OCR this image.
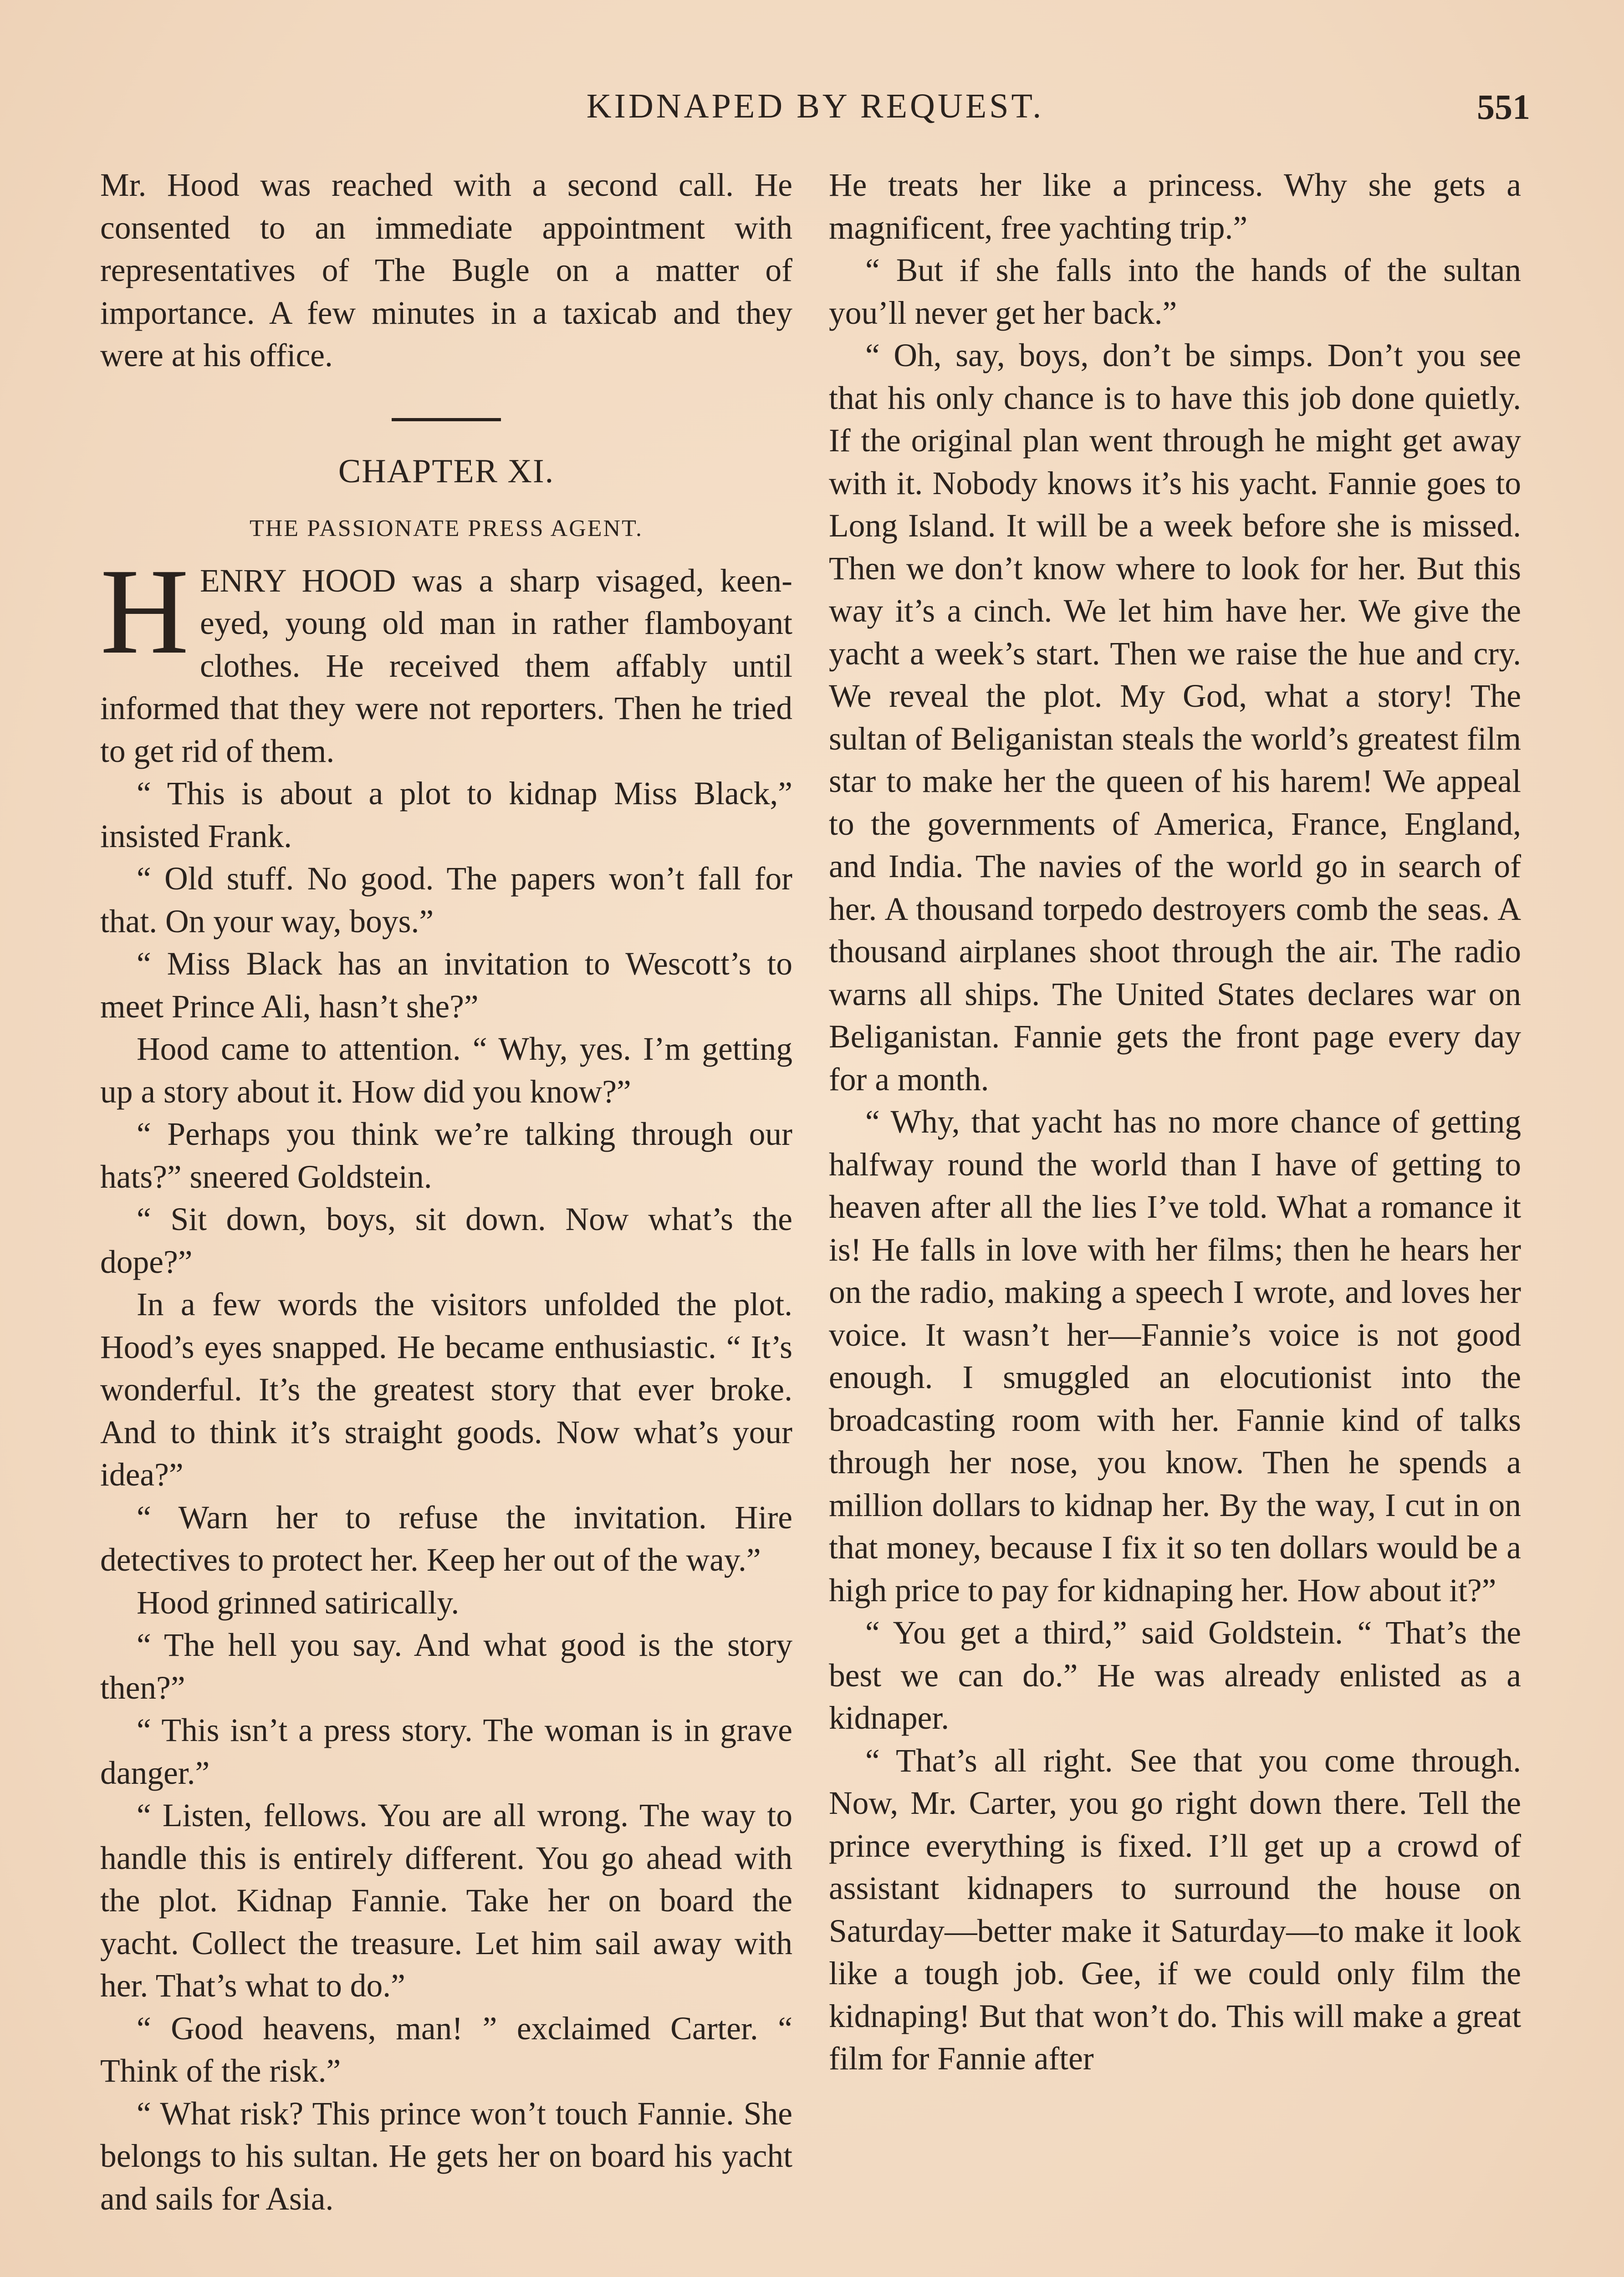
KIDNAPED BY REQUEST.	551

Mr. Hood was reached with a second call. He consented to an immediate appointment with representatives of The Bugle on a matter of importance. A few minutes in a taxicab and they were at his office.

CHAPTER XI.
THE PASSIONATE PRESS AGENT.

HENRY HOOD was a sharp visaged, keen-eyed, young old man in rather flamboyant clothes. He received them affably until informed that they were not reporters. Then he tried to get rid of them.

“ This is about a plot to kidnap Miss Black,” insisted Frank.

“ Old stuff. No good. The papers won’t fall for that. On your way, boys.”

“ Miss Black has an invitation to Wescott’s to meet Prince Ali, hasn’t she?”

Hood came to attention. “ Why, yes. I’m getting up a story about it. How did you know?”

“ Perhaps you think we’re talking through our hats?” sneered Goldstein.

“ Sit down, boys, sit down. Now what’s the dope?”

In a few words the visitors unfolded the plot. Hood’s eyes snapped. He became enthusiastic. “ It’s wonderful. It’s the greatest story that ever broke. And to think it’s straight goods. Now what’s your idea?”

“ Warn her to refuse the invitation. Hire detectives to protect her. Keep her out of the way.”

Hood grinned satirically.

“ The hell you say. And what good is the story then?”

“ This isn’t a press story. The woman is in grave danger.”

“ Listen, fellows. You are all wrong. The way to handle this is entirely different. You go ahead with the plot. Kidnap Fannie. Take her on board the yacht. Collect the treasure. Let him sail away with her. That’s what to do.”

“ Good heavens, man! ” exclaimed Carter. “ Think of the risk.”

“ What risk? This prince won’t touch Fannie. She belongs to his sultan. He gets her on board his yacht and sails for Asia.

He treats her like a princess. Why she gets a magnificent, free yachting trip.”

“ But if she falls into the hands of the sultan you’ll never get her back.”

“ Oh, say, boys, don’t be simps. Don’t you see that his only chance is to have this job done quietly. If the original plan went through he might get away with it. Nobody knows it’s his yacht. Fannie goes to Long Island. It will be a week before she is missed. Then we don’t know where to look for her. But this way it’s a cinch. We let him have her. We give the yacht a week’s start. Then we raise the hue and cry. We reveal the plot. My God, what a story! The sultan of Beliganistan steals the world’s greatest film star to make her the queen of his harem! We appeal to the governments of America, France, England, and India. The navies of the world go in search of her. A thousand torpedo destroyers comb the seas. A thousand airplanes shoot through the air. The radio warns all ships. The United States declares war on Beliganistan. Fannie gets the front page every day for a month.

“ Why, that yacht has no more chance of getting halfway round the world than I have of getting to heaven after all the lies I’ve told. What a romance it is! He falls in love with her films; then he hears her on the radio, making a speech I wrote, and loves her voice. It wasn’t her—Fannie’s voice is not good enough. I smuggled an elocutionist into the broadcasting room with her. Fannie kind of talks through her nose, you know. Then he spends a million dollars to kidnap her. By the way, I cut in on that money, because I fix it so ten dollars would be a high price to pay for kidnaping her. How about it?”

“ You get a third,” said Goldstein. “ That’s the best we can do.” He was already enlisted as a kidnaper.

“ That’s all right. See that you come through. Now, Mr. Carter, you go right down there. Tell the prince everything is fixed. I’ll get up a crowd of assistant kidnapers to surround the house on Saturday—better make it Saturday—to make it look like a tough job. Gee, if we could only film the kidnaping! But that won’t do. This will make a great film for Fannie after
